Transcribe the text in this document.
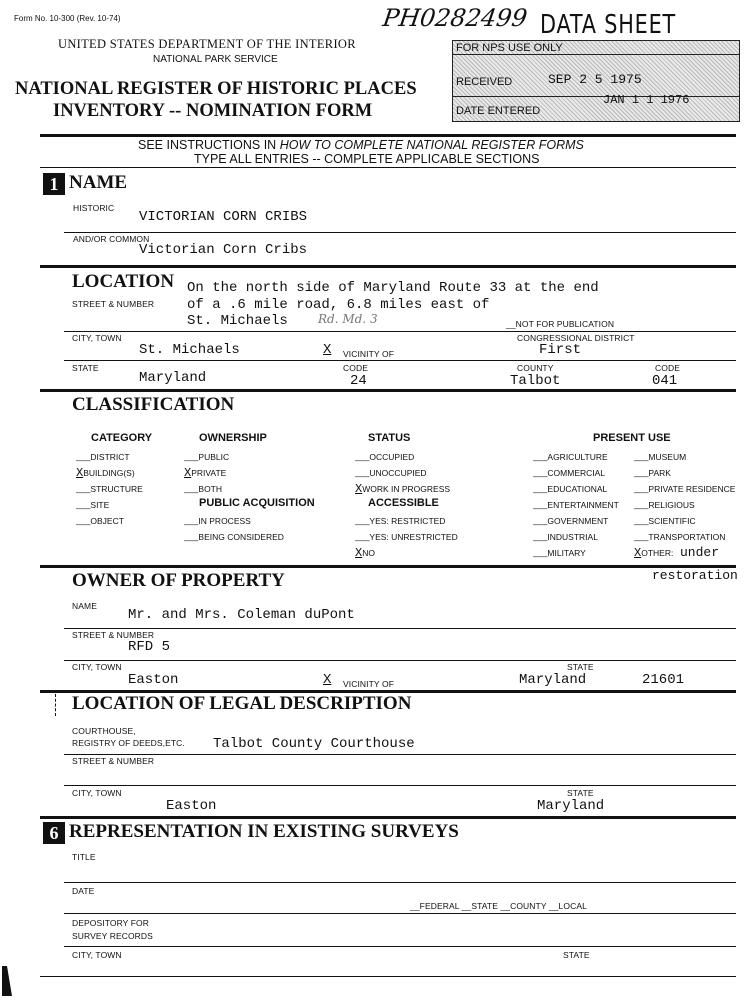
Form No. 10-300 (Rev. 10-74)	PH0282499 DATA SHEET
UNITED STATES DEPARTMENT OF THE INTERIOR
NATIONAL PARK SERVICE
NATIONAL REGISTER OF HISTORIC PLACES
INVENTORY -- NOMINATION FORM
FOR NPS USE ONLY
RECEIVED	SEP 2 5 1975
DATE ENTERED
JAN 1 1 1976
SEE INSTRUCTIONS IN HOW TO COMPLETE NATIONAL REGISTER FORMS
TYPE ALL ENTRIES -- COMPLETE APPLICABLE SECTIONS
1 NAME
HISTORIC
VICTORIAN CORN CRIBS
AND/OR COMMON
Victorian Corn Cribs
LOCATION
STREET & NUMBER
On the north side of Maryland Route 33 at the end
of a .6 mile road, 6.8 miles east of
St. Michaels	Rd. Md. 3	__NOT FOR PUBLICATION
CITY, TOWN	CONGRESSIONAL DISTRICT
St. Michaels	X VICINITY OF	First
STATE	CODE	COUNTY	CODE
Maryland	24	Talbot	041
CLASSIFICATION
CATEGORY
__DISTRICT
XBUILDING(S)
__STRUCTURE
__SITE
__OBJECT
OWNERSHIP
__PUBLIC
XPRIVATE
__BOTH
PUBLIC ACQUISITION
__IN PROCESS
__BEING CONSIDERED
STATUS
__OCCUPIED
__UNOCCUPIED
XWORK IN PROGRESS
ACCESSIBLE
__YES: RESTRICTED
__YES: UNRESTRICTED
XNO
PRESENT USE
__AGRICULTURE
__COMMERCIAL
__EDUCATIONAL
__ENTERTAINMENT
__GOVERNMENT
__INDUSTRIAL
__MILITARY
__MUSEUM
__PARK
__PRIVATE RESIDENCE
__RELIGIOUS
__SCIENTIFIC
__TRANSPORTATION
XOTHER: under
restoration
OWNER OF PROPERTY
NAME
Mr. and Mrs. Coleman duPont
STREET & NUMBER
RFD 5
CITY, TOWN	STATE
Easton	X VICINITY OF	Maryland	21601
LOCATION OF LEGAL DESCRIPTION
COURTHOUSE,
REGISTRY OF DEEDS,ETC. Talbot County Courthouse
STREET & NUMBER
CITY, TOWN	STATE
Easton	Maryland
6 REPRESENTATION IN EXISTING SURVEYS
TITLE
DATE
__FEDERAL __STATE __COUNTY __LOCAL
DEPOSITORY FOR
SURVEY RECORDS
CITY, TOWN	STATE
